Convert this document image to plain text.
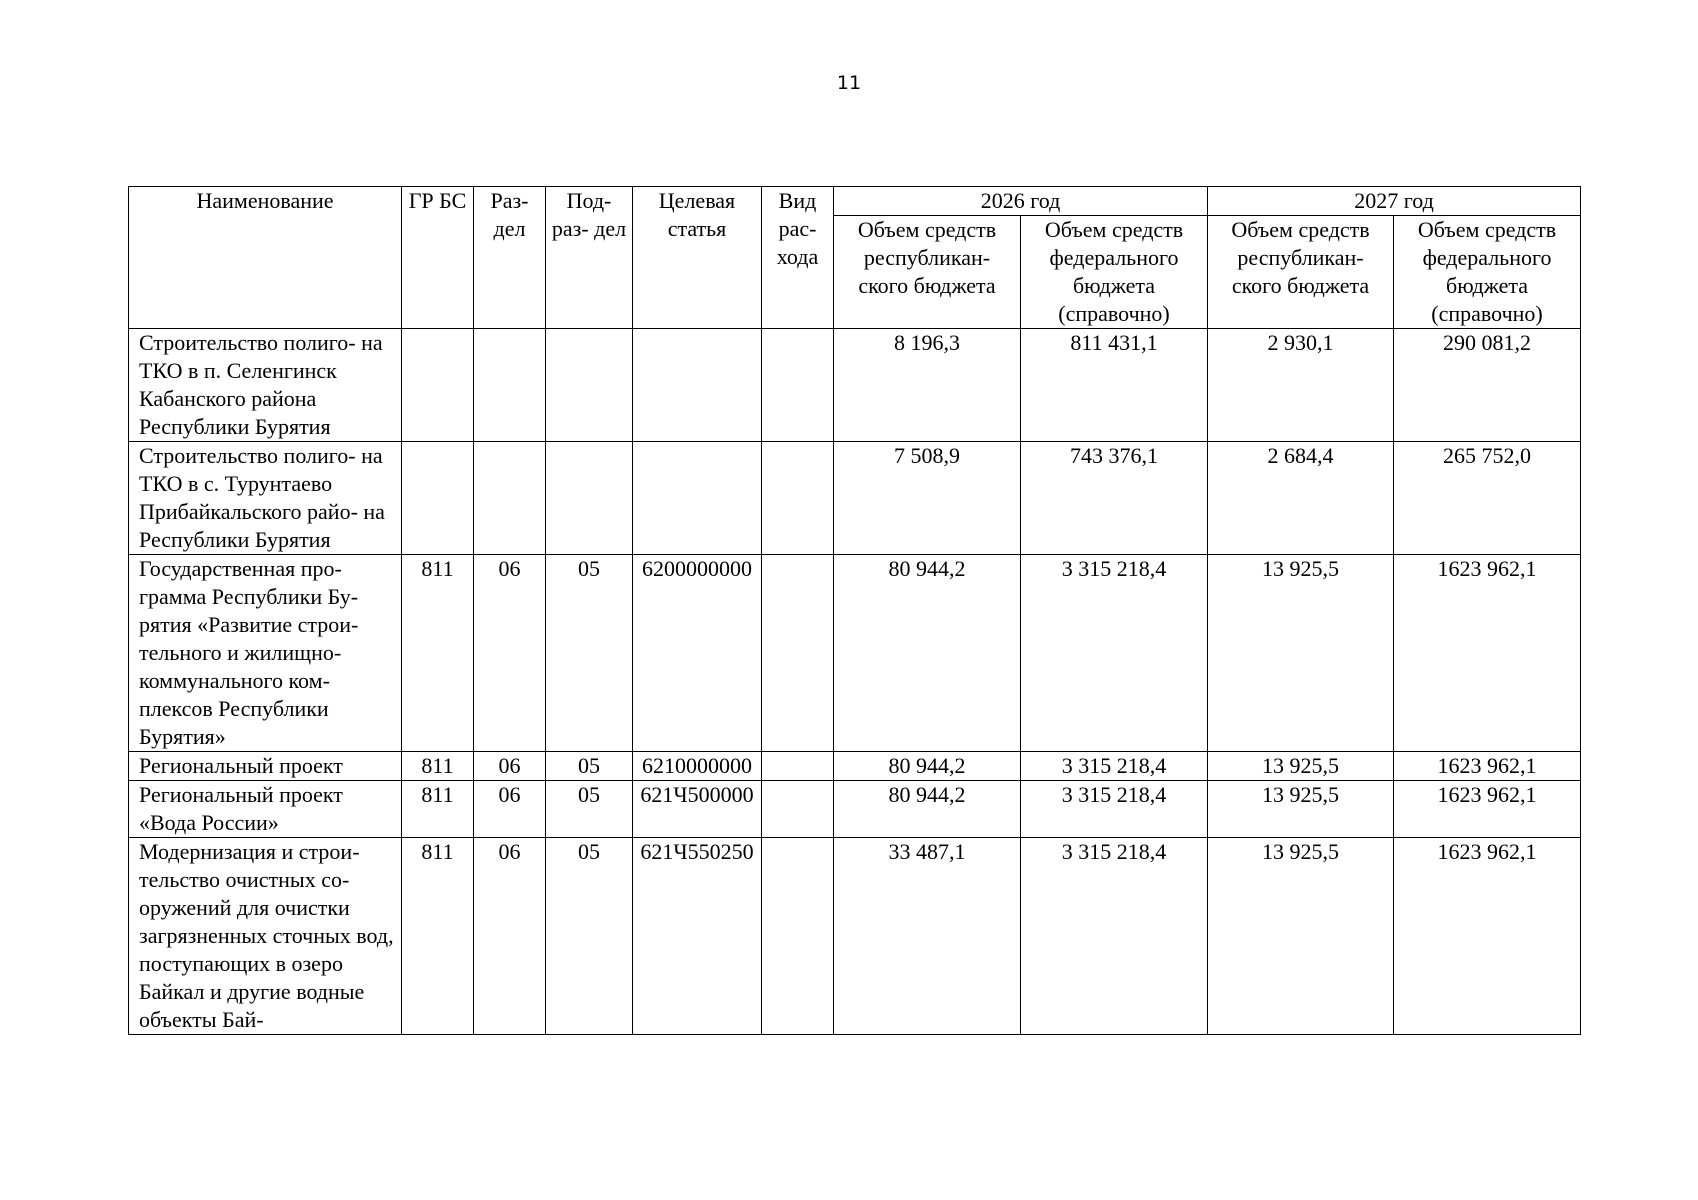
11
Наименование	ГР БС	Раз- дел	Под- раз- дел	Целевая статья	Вид рас- хода	2026 год		2027 год	
						Объем средств республикан- ского бюджета	Объем средств федерального бюджета (справочно)	Объем средств республикан- ского бюджета	Объем средств федерального бюджета (справочно)
Строительство полиго- на ТКО в п. Селенгинск Кабанского района Республики Бурятия						8 196,3	811 431,1	2 930,1	290 081,2
Строительство полиго- на ТКО в с. Турунтаево Прибайкальского райо- на Республики Бурятия						7 508,9	743 376,1	2 684,4	265 752,0
Государственная про- грамма Республики Бу- рятия «Развитие строи- тельного и жилищно- коммунального ком- плексов Республики Бурятия»	811	06	05	6200000000		80 944,2	3 315 218,4	13 925,5	1623 962,1
Региональный проект	811	06	05	6210000000		80 944,2	3 315 218,4	13 925,5	1623 962,1
Региональный проект «Вода России»	811	06	05	621Ч500000		80 944,2	3 315 218,4	13 925,5	1623 962,1
Модернизация и строи- тельство очистных со- оружений для очистки загрязненных сточных вод, поступающих в озеро Байкал и другие водные объекты Бай-	811	06	05	621Ч550250		33 487,1	3 315 218,4	13 925,5	1623 962,1
